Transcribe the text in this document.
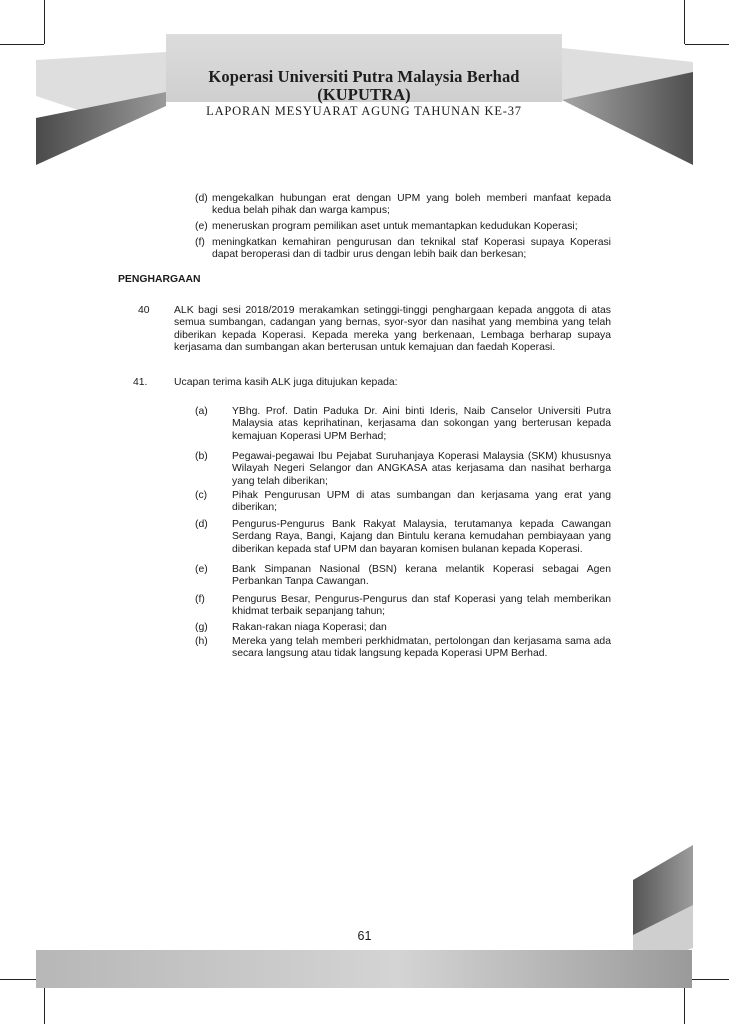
Koperasi Universiti Putra Malaysia Berhad (KUPUTRA)
LAPORAN MESYUARAT AGUNG TAHUNAN KE-37
(d) mengekalkan hubungan erat dengan UPM yang boleh memberi manfaat kepada kedua belah pihak dan warga kampus;
(e) meneruskan program pemilikan aset untuk memantapkan kedudukan Koperasi;
(f) meningkatkan kemahiran pengurusan dan teknikal staf Koperasi supaya Koperasi dapat beroperasi dan di tadbir urus dengan lebih baik dan berkesan;
PENGHARGAAN
40 ALK bagi sesi 2018/2019 merakamkan setinggi-tinggi penghargaan kepada anggota di atas semua sumbangan, cadangan yang bernas, syor-syor dan nasihat yang membina yang telah diberikan kepada Koperasi. Kepada mereka yang berkenaan, Lembaga berharap supaya kerjasama dan sumbangan akan berterusan untuk kemajuan dan faedah Koperasi.
41.	Ucapan terima kasih ALK juga ditujukan kepada:
(a) YBhg. Prof. Datin Paduka Dr. Aini binti Ideris, Naib Canselor Universiti Putra Malaysia atas keprihatinan, kerjasama dan sokongan yang berterusan kepada kemajuan Koperasi UPM Berhad;
(b) Pegawai-pegawai Ibu Pejabat Suruhanjaya Koperasi Malaysia (SKM) khususnya Wilayah Negeri Selangor dan ANGKASA atas kerjasama dan nasihat berharga yang telah diberikan;
(c) Pihak Pengurusan UPM di atas sumbangan dan kerjasama yang erat yang diberikan;
(d) Pengurus-Pengurus Bank Rakyat Malaysia, terutamanya kepada Cawangan Serdang Raya, Bangi, Kajang dan Bintulu kerana kemudahan pembiayaan yang diberikan kepada staf UPM dan bayaran komisen bulanan kepada Koperasi.
(e) Bank Simpanan Nasional (BSN) kerana melantik Koperasi sebagai Agen Perbankan Tanpa Cawangan.
(f)	Pengurus Besar, Pengurus-Pengurus dan staf Koperasi yang telah memberikan khidmat terbaik sepanjang tahun;
(g) Rakan-rakan niaga Koperasi; dan
(h) Mereka yang telah memberi perkhidmatan, pertolongan dan kerjasama sama ada secara langsung atau tidak langsung kepada Koperasi UPM Berhad.
61
